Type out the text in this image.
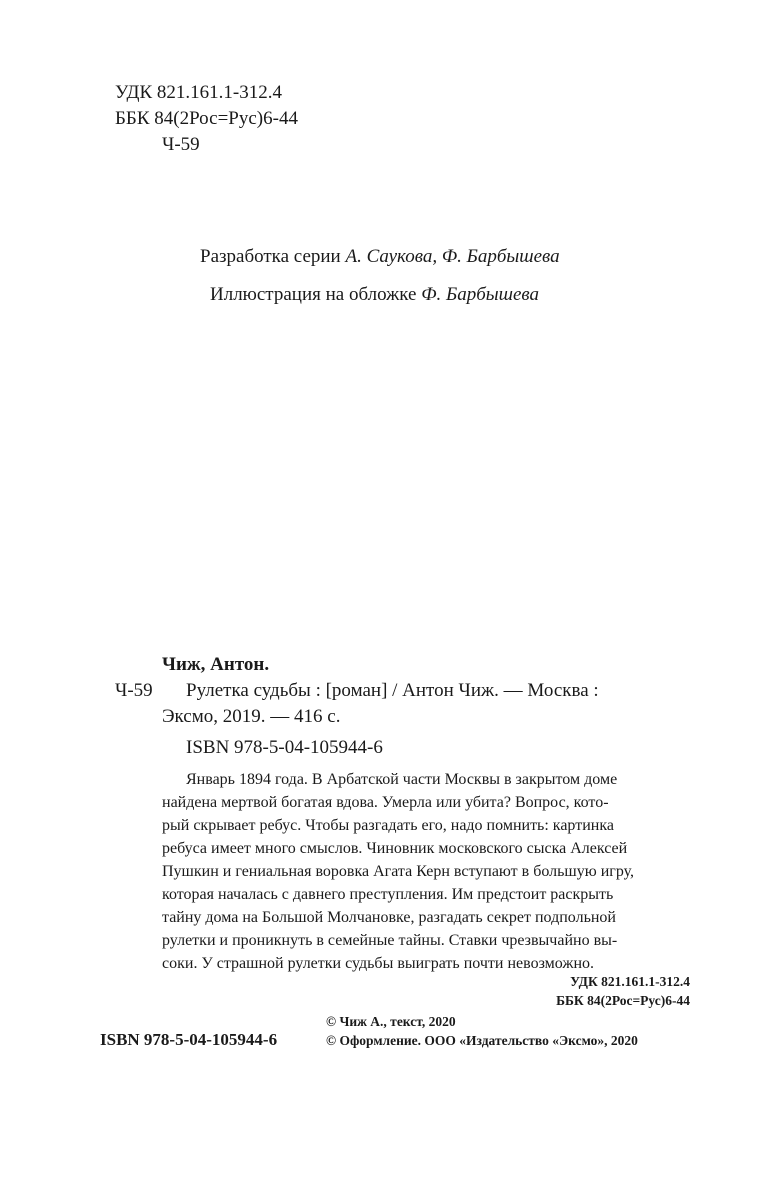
УДК 821.161.1-312.4
ББК 84(2Рос=Рус)6-44
Ч-59
Разработка серии А. Саукова, Ф. Барбышева
Иллюстрация на обложке Ф. Барбышева
Чиж, Антон.
Ч-59 Рулетка судьбы : [роман] / Антон Чиж. — Москва :
Эксмо, 2019. — 416 с.
ISBN 978-5-04-105944-6
Январь 1894 года. В Арбатской части Москвы в закрытом доме
найдена мертвой богатая вдова. Умерла или убита? Вопрос, кото-
рый скрывает ребус. Чтобы разгадать его, надо помнить: картинка
ребуса имеет много смыслов. Чиновник московского сыска Алексей
Пушкин и гениальная воровка Агата Керн вступают в большую игру,
которая началась с давнего преступления. Им предстоит раскрыть
тайну дома на Большой Молчановке, разгадать секрет подпольной
рулетки и проникнуть в семейные тайны. Ставки чрезвычайно вы-
соки. У страшной рулетки судьбы выиграть почти невозможно.
УДК 821.161.1-312.4
ББК 84(2Рос=Рус)6-44
© Чиж А., текст, 2020
ISBN 978-5-04-105944-6	© Оформление. ООО «Издательство «Эксмо», 2020
